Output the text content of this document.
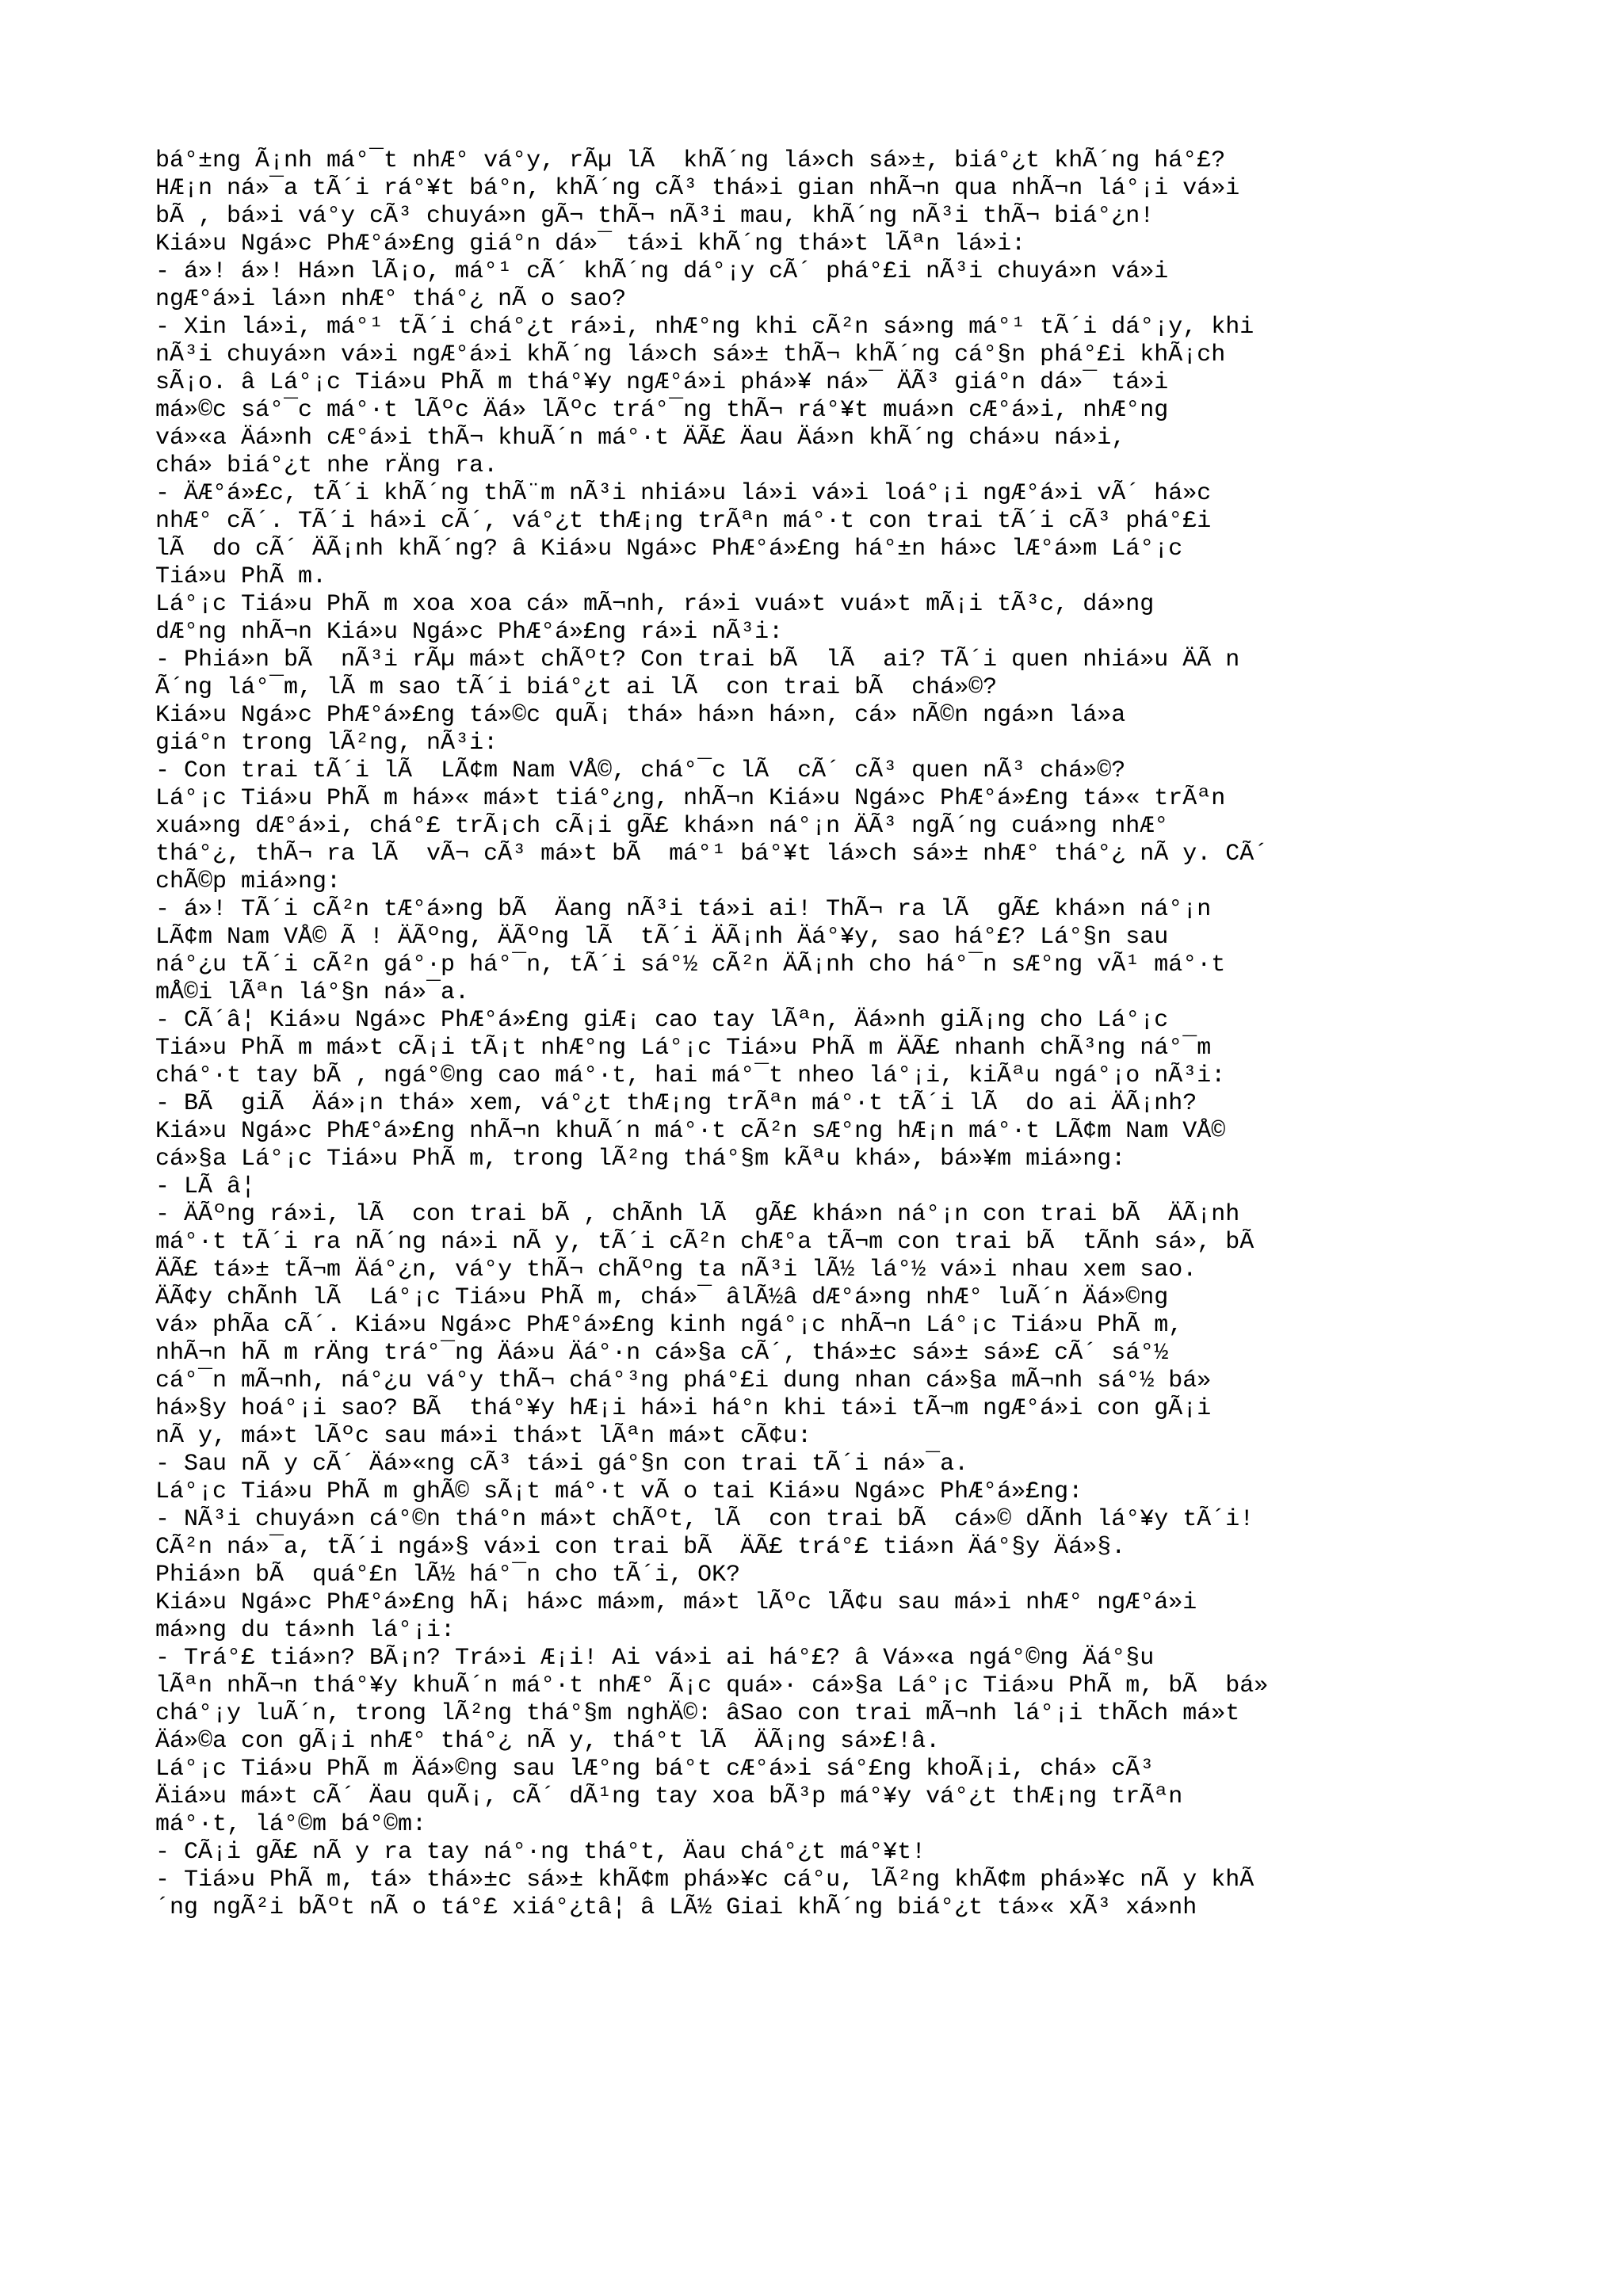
bá°±ng Ã¡nh má°¯t nhÆ° vá°y, rÃµ lÃ  khÃ´ng lá»ch sá»±, biá°¿t khÃ´ng há°£?
HÆ¡n ná»¯a tÃ´i rá°¥t bá°n, khÃ´ng cÃ³ thá»i gian nhÃ¬n qua nhÃ¬n lá°¡i vá»i
bÃ , bá»i vá°y cÃ³ chuyá»n gÃ¬ thÃ¬ nÃ³i mau, khÃ´ng nÃ³i thÃ¬ biá°¿n!
Kiá»u Ngá»c PhÆ°á»£ng giá°n dá»¯ tá»i khÃ´ng thá»t lÃªn lá»i:
- á»! á»! Há»n lÃ¡o, má°¹ cÃ´ khÃ´ng dá°¡y cÃ´ phá°£i nÃ³i chuyá»n vá»i
ngÆ°á»i lá»n nhÆ° thá°¿ nÃ o sao?
- Xin lá»i, má°¹ tÃ´i chá°¿t rá»i, nhÆ°ng khi cÃ²n sá»ng má°¹ tÃ´i dá°¡y, khi
nÃ³i chuyá»n vá»i ngÆ°á»i khÃ´ng lá»ch sá»± thÃ¬ khÃ´ng cá°§n phá°£i khÃ¡ch
sÃ¡o. â Lá°¡c Tiá»u PhÃ m thá°¥y ngÆ°á»i phá»¥ ná»¯ ÄÃ³ giá°n dá»¯ tá»i
má»©c sá°¯c má°·t lÃºc Äá» lÃºc trá°¯ng thÃ¬ rá°¥t muá»n cÆ°á»i, nhÆ°ng
vá»«a Äá»nh cÆ°á»i thÃ¬ khuÃ´n má°·t ÄÃ£ Äau Äá»n khÃ´ng chá»u ná»i,
chá» biá°¿t nhe rÄng ra.
- ÄÆ°á»£c, tÃ´i khÃ´ng thÃ¨m nÃ³i nhiá»u lá»i vá»i loá°¡i ngÆ°á»i vÃ´ há»c
nhÆ° cÃ´. TÃ´i há»i cÃ´, vá°¿t thÆ¡ng trÃªn má°·t con trai tÃ´i cÃ³ phá°£i
lÃ  do cÃ´ ÄÃ¡nh khÃ´ng? â Kiá»u Ngá»c PhÆ°á»£ng há°±n há»c lÆ°á»m Lá°¡c
Tiá»u PhÃ m.
Lá°¡c Tiá»u PhÃ m xoa xoa cá» mÃ¬nh, rá»i vuá»t vuá»t mÃ¡i tÃ³c, dá»ng
dÆ°ng nhÃ¬n Kiá»u Ngá»c PhÆ°á»£ng rá»i nÃ³i:
- Phiá»n bÃ  nÃ³i rÃµ má»t chÃºt? Con trai bÃ  lÃ  ai? TÃ´i quen nhiá»u ÄÃ n
Ã´ng lá°¯m, lÃ m sao tÃ´i biá°¿t ai lÃ  con trai bÃ  chá»©?
Kiá»u Ngá»c PhÆ°á»£ng tá»©c quÃ¡ thá» há»n há»n, cá» nÃ©n ngá»n lá»a
giá°n trong lÃ²ng, nÃ³i:
- Con trai tÃ´i lÃ  LÃ¢m Nam VÅ©, chá°¯c lÃ  cÃ´ cÃ³ quen nÃ³ chá»©?
Lá°¡c Tiá»u PhÃ m há»« má»t tiá°¿ng, nhÃ¬n Kiá»u Ngá»c PhÆ°á»£ng tá»« trÃªn
xuá»ng dÆ°á»i, chá°£ trÃ¡ch cÃ¡i gÃ£ khá»n ná°¡n ÄÃ³ ngÃ´ng cuá»ng nhÆ°
thá°¿, thÃ¬ ra lÃ  vÃ¬ cÃ³ má»t bÃ  má°¹ bá°¥t lá»ch sá»± nhÆ° thá°¿ nÃ y. CÃ´
chÃ©p miá»ng:
- á»! TÃ´i cÃ²n tÆ°á»ng bÃ  Äang nÃ³i tá»i ai! ThÃ¬ ra lÃ  gÃ£ khá»n ná°¡n
LÃ¢m Nam VÅ© Ã ! ÄÃºng, ÄÃºng lÃ  tÃ´i ÄÃ¡nh Äá°¥y, sao há°£? Lá°§n sau
ná°¿u tÃ´i cÃ²n gá°·p há°¯n, tÃ´i sá°½ cÃ²n ÄÃ¡nh cho há°¯n sÆ°ng vÃ¹ má°·t
mÅ©i lÃªn lá°§n ná»¯a.
- CÃ´â¦ Kiá»u Ngá»c PhÆ°á»£ng giÆ¡ cao tay lÃªn, Äá»nh giÃ¡ng cho Lá°¡c
Tiá»u PhÃ m má»t cÃ¡i tÃ¡t nhÆ°ng Lá°¡c Tiá»u PhÃ m ÄÃ£ nhanh chÃ³ng ná°¯m
chá°·t tay bÃ , ngá°©ng cao má°·t, hai má°¯t nheo lá°¡i, kiÃªu ngá°¡o nÃ³i:
- BÃ  giÃ  Äá»¡n thá» xem, vá°¿t thÆ¡ng trÃªn má°·t tÃ´i lÃ  do ai ÄÃ¡nh?
Kiá»u Ngá»c PhÆ°á»£ng nhÃ¬n khuÃ´n má°·t cÃ²n sÆ°ng hÆ¡n má°·t LÃ¢m Nam VÅ©
cá»§a Lá°¡c Tiá»u PhÃ m, trong lÃ²ng thá°§m kÃªu khá», bá»¥m miá»ng:
- LÃ â¦
- ÄÃºng rá»i, lÃ  con trai bÃ , chÃnh lÃ  gÃ£ khá»n ná°¡n con trai bÃ  ÄÃ¡nh
má°·t tÃ´i ra nÃ´ng ná»i nÃ y, tÃ´i cÃ²n chÆ°a tÃ¬m con trai bÃ  tÃnh sá», bÃ
ÄÃ£ tá»± tÃ¬m Äá°¿n, vá°y thÃ¬ chÃºng ta nÃ³i lÃ½ lá°½ vá»i nhau xem sao.
ÄÃ¢y chÃnh lÃ  Lá°¡c Tiá»u PhÃ m, chá»¯ âlÃ½â dÆ°á»ng nhÆ° luÃ´n Äá»©ng
vá» phÃa cÃ´. Kiá»u Ngá»c PhÆ°á»£ng kinh ngá°¡c nhÃ¬n Lá°¡c Tiá»u PhÃ m,
nhÃ¬n hÃ m rÄng trá°¯ng Äá»u Äá°·n cá»§a cÃ´, thá»±c sá»± sá»£ cÃ´ sá°½
cá°¯n mÃ¬nh, ná°¿u vá°y thÃ¬ chá°³ng phá°£i dung nhan cá»§a mÃ¬nh sá°½ bá»
há»§y hoá°¡i sao? BÃ  thá°¥y hÆ¡i há»i há°n khi tá»i tÃ¬m ngÆ°á»i con gÃ¡i
nÃ y, má»t lÃºc sau má»i thá»t lÃªn má»t cÃ¢u:
- Sau nÃ y cÃ´ Äá»«ng cÃ³ tá»i gá°§n con trai tÃ´i ná»¯a.
Lá°¡c Tiá»u PhÃ m ghÃ© sÃ¡t má°·t vÃ o tai Kiá»u Ngá»c PhÆ°á»£ng:
- NÃ³i chuyá»n cá°©n thá°n má»t chÃºt, lÃ  con trai bÃ  cá»© dÃnh lá°¥y tÃ´i!
CÃ²n ná»¯a, tÃ´i ngá»§ vá»i con trai bÃ  ÄÃ£ trá°£ tiá»n Äá°§y Äá»§.
Phiá»n bÃ  quá°£n lÃ½ há°¯n cho tÃ´i, OK?
Kiá»u Ngá»c PhÆ°á»£ng hÃ¡ há»c má»m, má»t lÃºc lÃ¢u sau má»i nhÆ° ngÆ°á»i
má»ng du tá»nh lá°¡i:
- Trá°£ tiá»n? BÃ¡n? Trá»i Æ¡i! Ai vá»i ai há°£? â Vá»«a ngá°©ng Äá°§u
lÃªn nhÃ¬n thá°¥y khuÃ´n má°·t nhÆ° Ã¡c quá»· cá»§a Lá°¡c Tiá»u PhÃ m, bÃ  bá»
chá°¡y luÃ´n, trong lÃ²ng thá°§m nghÄ©: âSao con trai mÃ¬nh lá°¡i thÃch má»t
Äá»©a con gÃ¡i nhÆ° thá°¿ nÃ y, thá°t lÃ  ÄÃ¡ng sá»£!â.
Lá°¡c Tiá»u PhÃ m Äá»©ng sau lÆ°ng bá°t cÆ°á»i sá°£ng khoÃ¡i, chá» cÃ³
Äiá»u má»t cÃ´ Äau quÃ¡, cÃ´ dÃ¹ng tay xoa bÃ³p má°¥y vá°¿t thÆ¡ng trÃªn
má°·t, lá°©m bá°©m:
- CÃ¡i gÃ£ nÃ y ra tay ná°·ng thá°t, Äau chá°¿t má°¥t!
- Tiá»u PhÃ m, tá» thá»±c sá»± khÃ¢m phá»¥c cá°u, lÃ²ng khÃ¢m phá»¥c nÃ y khÃ
´ng ngÃ²i bÃºt nÃ o tá°£ xiá°¿tâ¦ â LÃ½ Giai khÃ´ng biá°¿t tá»« xÃ³ xá»nh
